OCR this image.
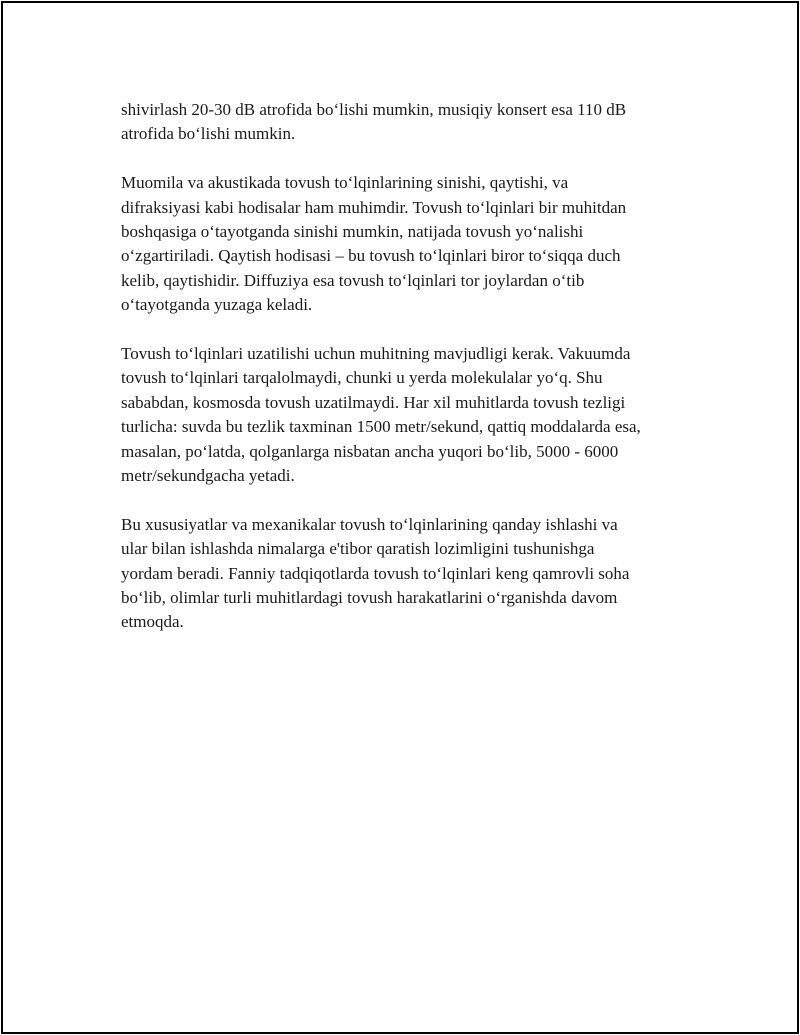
shivirlash 20-30 dB atrofida bo‘lishi mumkin, musiqiy konsert esa 110 dB
atrofida bo‘lishi mumkin.

Muomila va akustikada tovush to‘lqinlarining sinishi, qaytishi, va
difraksiyasi kabi hodisalar ham muhimdir. Tovush to‘lqinlari bir muhitdan
boshqasiga o‘tayotganda sinishi mumkin, natijada tovush yo‘nalishi
o‘zgartiriladi. Qaytish hodisasi – bu tovush to‘lqinlari biror to‘siqqa duch
kelib, qaytishidir. Diffuziya esa tovush to‘lqinlari tor joylardan o‘tib
o‘tayotganda yuzaga keladi.

Tovush to‘lqinlari uzatilishi uchun muhitning mavjudligi kerak. Vakuumda
tovush to‘lqinlari tarqalolmaydi, chunki u yerda molekulalar yo‘q. Shu
sababdan, kosmosda tovush uzatilmaydi. Har xil muhitlarda tovush tezligi
turlicha: suvda bu tezlik taxminan 1500 metr/sekund, qattiq moddalarda esa,
masalan, po‘latda, qolganlarga nisbatan ancha yuqori bo‘lib, 5000 - 6000
metr/sekundgacha yetadi.

Bu xususiyatlar va mexanikalar tovush to‘lqinlarining qanday ishlashi va
ular bilan ishlashda nimalarga e'tibor qaratish lozimligini tushunishga
yordam beradi. Fanniy tadqiqotlarda tovush to‘lqinlari keng qamrovli soha
bo‘lib, olimlar turli muhitlardagi tovush harakatlarini o‘rganishda davom
etmoqda.
